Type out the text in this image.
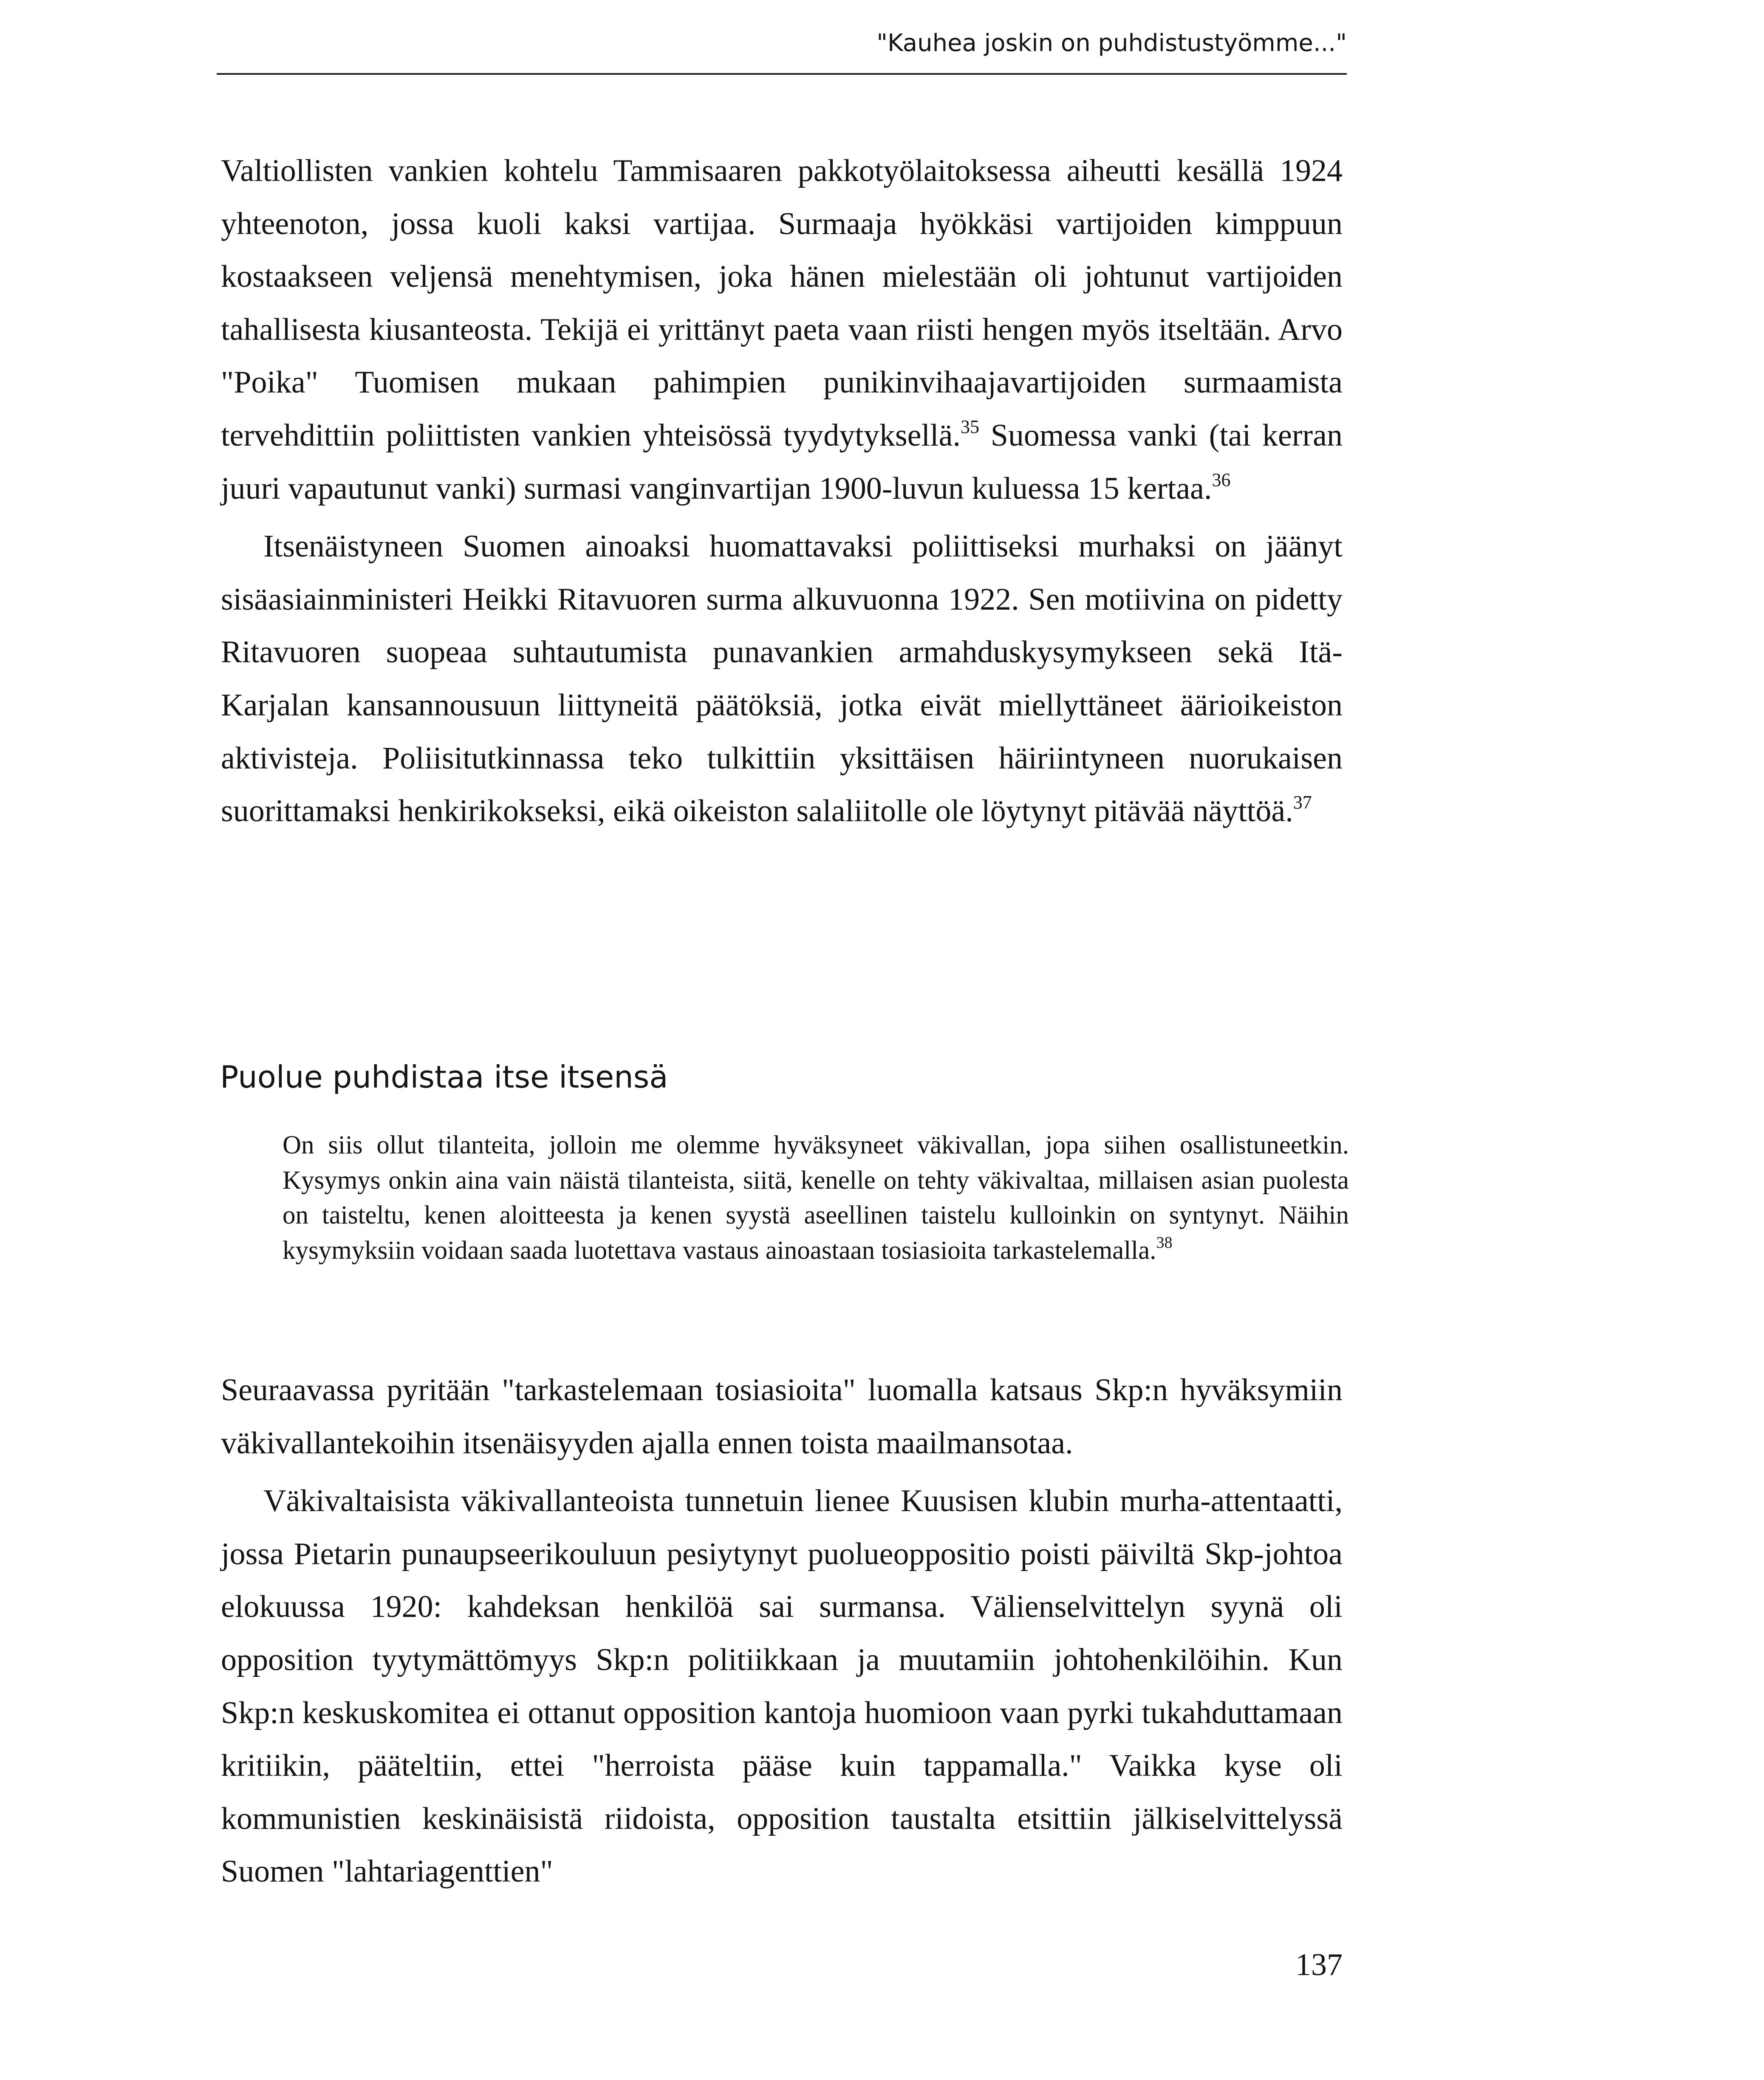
"Kauhea joskin on puhdistustyömme..."

Valtiollisten vankien kohtelu Tammisaaren pakkotyölaitoksessa aiheutti kesällä 1924 yhteenoton, jossa kuoli kaksi vartijaa. Surmaaja hyökkäsi vartijoiden kimppuun kostaakseen veljensä menehtymisen, joka hänen mielestään oli johtunut vartijoiden tahallisesta kiusanteosta. Tekijä ei yrittänyt paeta vaan riisti hengen myös itseltään. Arvo "Poika" Tuomisen mukaan pahimpien punikinvihaajavartijoiden surmaamista tervehdittiin poliittisten vankien yhteisössä tyydytyksellä.$^{35}$ Suomessa vanki (tai kerran juuri vapautunut vanki) surmasi vanginvartijan 1900-luvun kuluessa 15 kertaa.$^{36}$

Itsenäistyneen Suomen ainoaksi huomattavaksi poliittiseksi murhaksi on jäänyt sisäasiainministeri Heikki Ritavuoren surma alkuvuonna 1922. Sen motiivina on pidetty Ritavuoren suopeaa suhtautumista punavankien armahduskysymykseen sekä Itä-Karjalan kansannousuun liittyneitä päätöksiä, jotka eivät miellyttäneet äärioikeiston aktivisteja. Poliisitutkinnassa teko tulkittiin yksittäisen häiriintyneen nuorukaisen suorittamaksi henkirikokseksi, eikä oikeiston salaliitolle ole löytynyt pitävää näyttöä.$^{37}$

Puolue puhdistaa itse itsensä
On siis ollut tilanteita, jolloin me olemme hyväksyneet väkivallan, jopa siihen osallistuneetkin. Kysymys onkin aina vain näistä tilanteista, siitä, kenelle on tehty väkivaltaa, millaisen asian puolesta on taisteltu, kenen aloitteesta ja kenen syystä aseellinen taistelu kulloinkin on syntynyt. Näihin kysymyksiin voidaan saada luotettava vastaus ainoastaan tosiasioita tarkastelemalla.$^{38}$

Seuraavassa pyritään "tarkastelemaan tosiasioita" luomalla katsaus Skp:n hyväksymiin väkivallantekoihin itsenäisyyden ajalla ennen toista maailmansotaa.

Väkivaltaisista väkivallanteoista tunnetuin lienee Kuusisen klubin murha-attentaatti, jossa Pietarin punaupseerikouluun pesiytynyt puolueoppositio poisti päiviltä Skp-johtoa elokuussa 1920: kahdeksan henkilöä sai surmansa. Välienselvittelyn syynä oli opposition tyytymättömyys Skp:n politiikkaan ja muutamiin johtohenkilöihin. Kun Skp:n keskuskomitea ei ottanut opposition kantoja huomioon vaan pyrki tukahduttamaan kritiikin, pääteltiin, ettei "herroista pääse kuin tappamalla." Vaikka kyse oli kommunistien keskinäisistä riidoista, opposition taustalta etsittiin jälkiselvittelyssä Suomen "lahtariagenttien"

137
